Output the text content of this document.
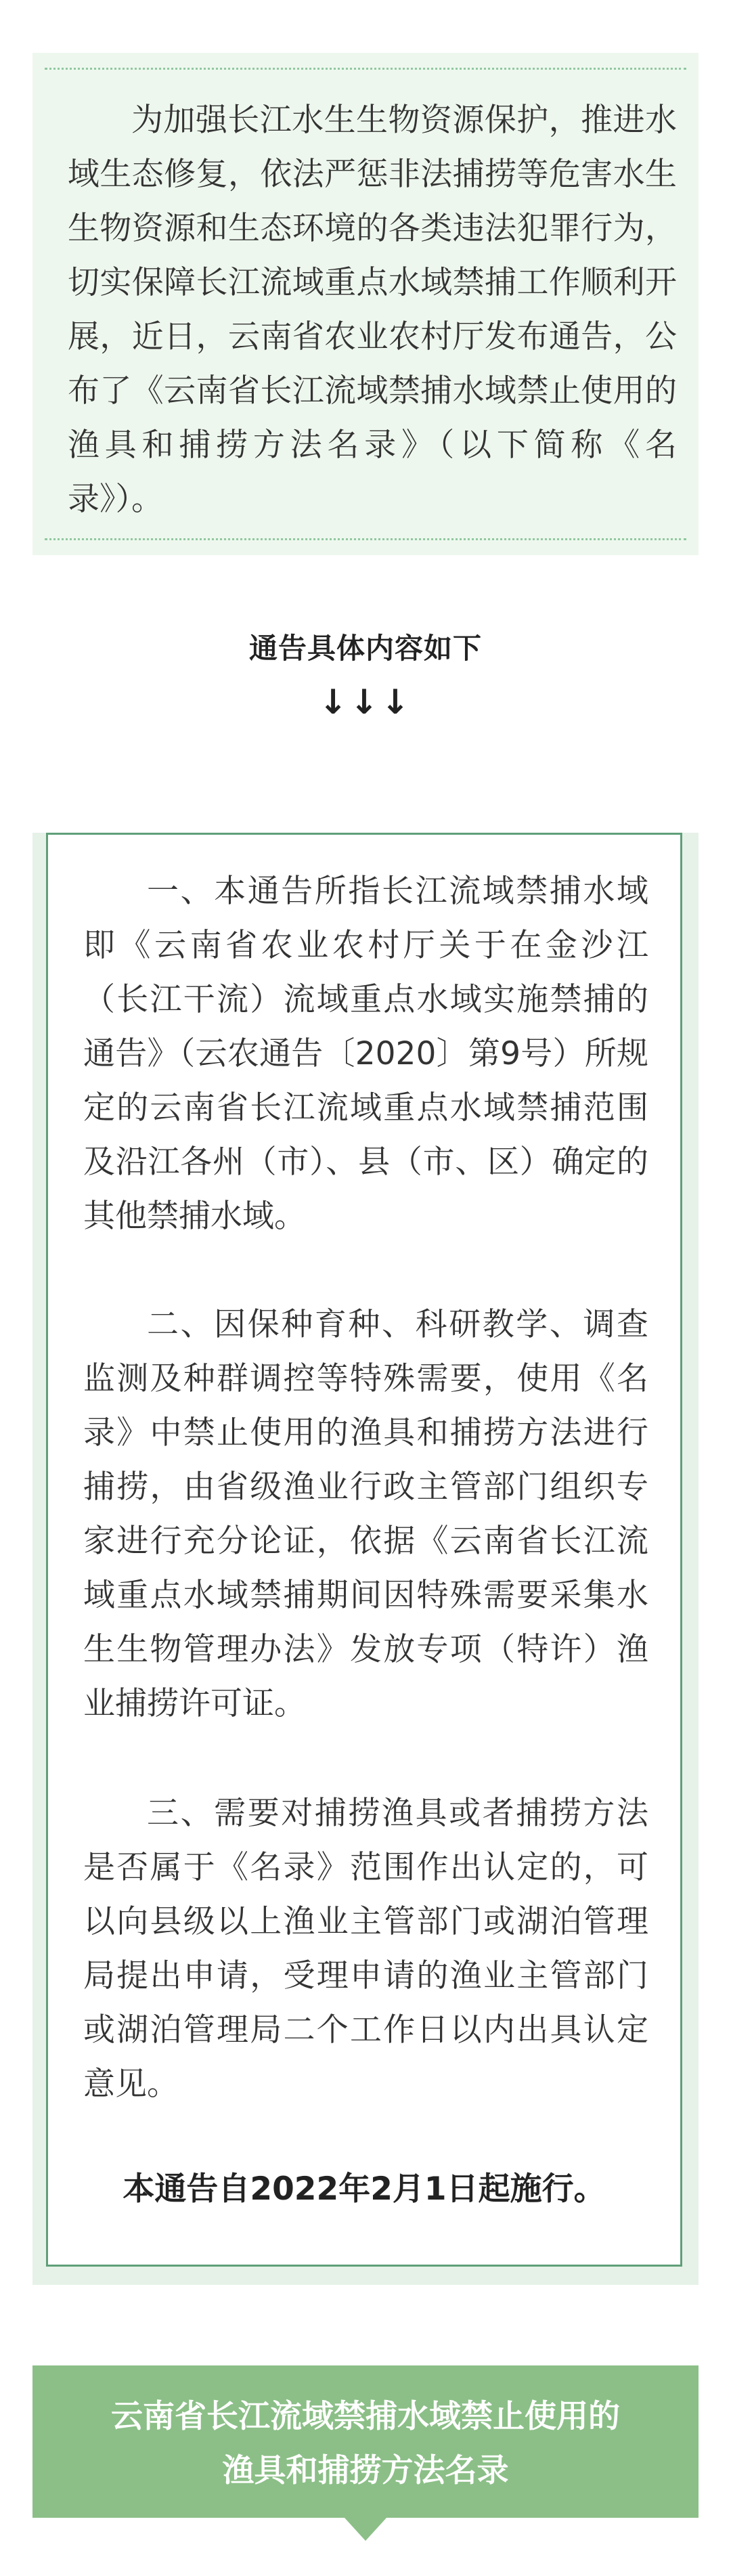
为加强长江水生生物资源保护，推进水域生态修复，依法严惩非法捕捞等危害水生生物资源和生态环境的各类违法犯罪行为，切实保障长江流域重点水域禁捕工作顺利开展，近日，云南省农业农村厅发布通告，公布了《云南省长江流域禁捕水域禁止使用的渔具和捕捞方法名录》（以下简称《名录》）。

通告具体内容如下
↓↓↓

一、本通告所指长江流域禁捕水域即《云南省农业农村厅关于在金沙江（长江干流）流域重点水域实施禁捕的通告》（云农通告〔2020〕第9号）所规定的云南省长江流域重点水域禁捕范围及沿江各州（市）、县（市、区）确定的其他禁捕水域。

二、因保种育种、科研教学、调查监测及种群调控等特殊需要，使用《名录》中禁止使用的渔具和捕捞方法进行捕捞，由省级渔业行政主管部门组织专家进行充分论证，依据《云南省长江流域重点水域禁捕期间因特殊需要采集水生生物管理办法》发放专项（特许）渔业捕捞许可证。

三、需要对捕捞渔具或者捕捞方法是否属于《名录》范围作出认定的，可以向县级以上渔业主管部门或湖泊管理局提出申请，受理申请的渔业主管部门或湖泊管理局二个工作日以内出具认定意见。

本通告自2022年2月1日起施行。

云南省长江流域禁捕水域禁止使用的
渔具和捕捞方法名录
